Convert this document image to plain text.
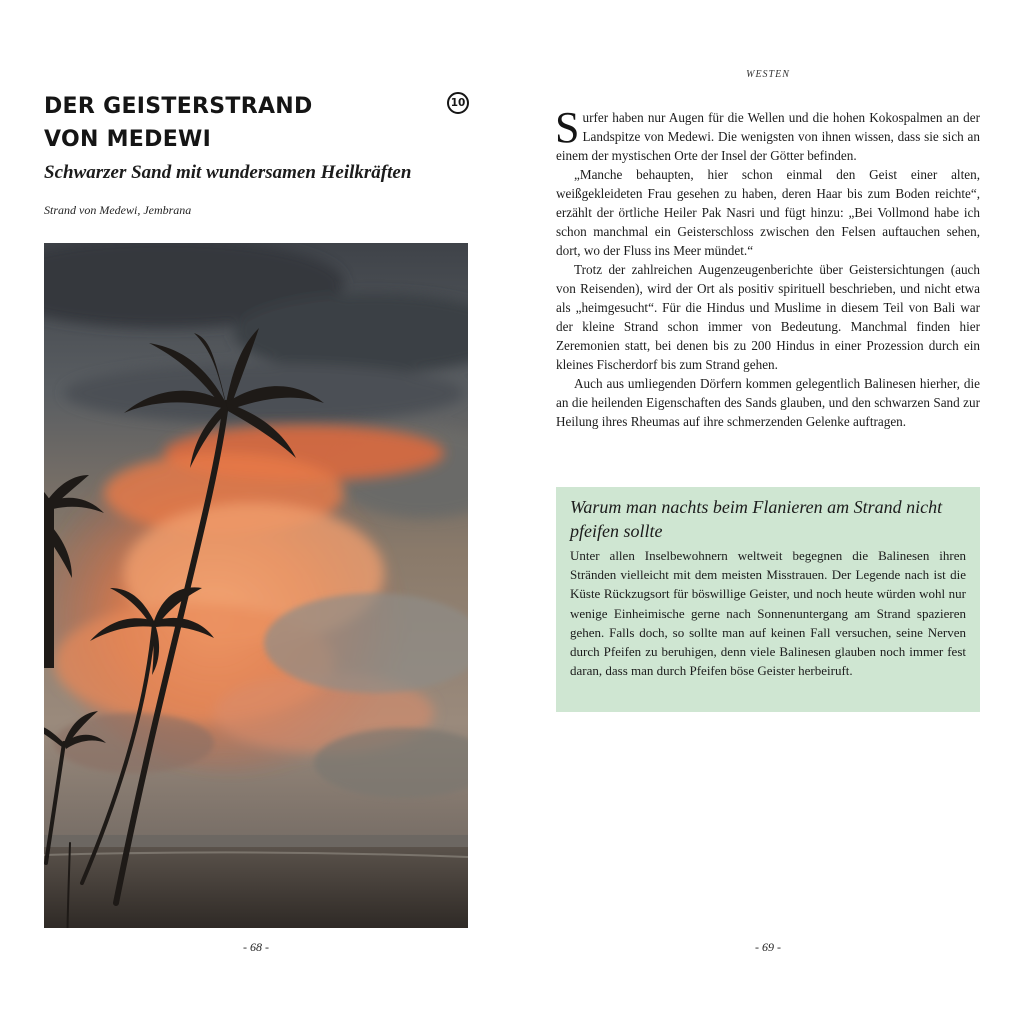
DER GEISTERSTRAND
VON MEDEWI
10
Schwarzer Sand mit wundersamen Heilkräften
Strand von Medewi, Jembrana
- 68 -
WESTEN

Surfer haben nur Augen für die Wellen und die hohen Kokospalmen an der Landspitze von Medewi. Die wenigsten von ihnen wissen, dass sie sich an einem der mystischen Orte der Insel der Götter befinden.

„Manche behaupten, hier schon einmal den Geist einer alten, weißgekleideten Frau gesehen zu haben, deren Haar bis zum Boden reichte“, erzählt der örtliche Heiler Pak Nasri und fügt hinzu: „Bei Vollmond habe ich schon manchmal ein Geisterschloss zwischen den Felsen auftauchen sehen, dort, wo der Fluss ins Meer mündet.“

Trotz der zahlreichen Augenzeugenberichte über Geistersichtungen (auch von Reisenden), wird der Ort als positiv spirituell beschrieben, und nicht etwa als „heimgesucht“. Für die Hindus und Muslime in diesem Teil von Bali war der kleine Strand schon immer von Bedeutung. Manchmal finden hier Zeremonien statt, bei denen bis zu 200 Hindus in einer Prozession durch ein kleines Fischerdorf bis zum Strand gehen.

Auch aus umliegenden Dörfern kommen gelegentlich Balinesen hierher, die an die heilenden Eigenschaften des Sands glauben, und den schwarzen Sand zur Heilung ihres Rheumas auf ihre schmerzenden Gelenke auftragen.

Warum man nachts beim Flanieren am Strand nicht pfeifen sollte

Unter allen Inselbewohnern weltweit begegnen die Balinesen ihren Stränden vielleicht mit dem meisten Misstrauen. Der Legende nach ist die Küste Rückzugsort für böswillige Geister, und noch heute würden wohl nur wenige Einheimische gerne nach Sonnenuntergang am Strand spazieren gehen. Falls doch, so sollte man auf keinen Fall versuchen, seine Nerven durch Pfeifen zu beruhigen, denn viele Balinesen glauben noch immer fest daran, dass man durch Pfeifen böse Geister herbeiruft.

- 69 -
